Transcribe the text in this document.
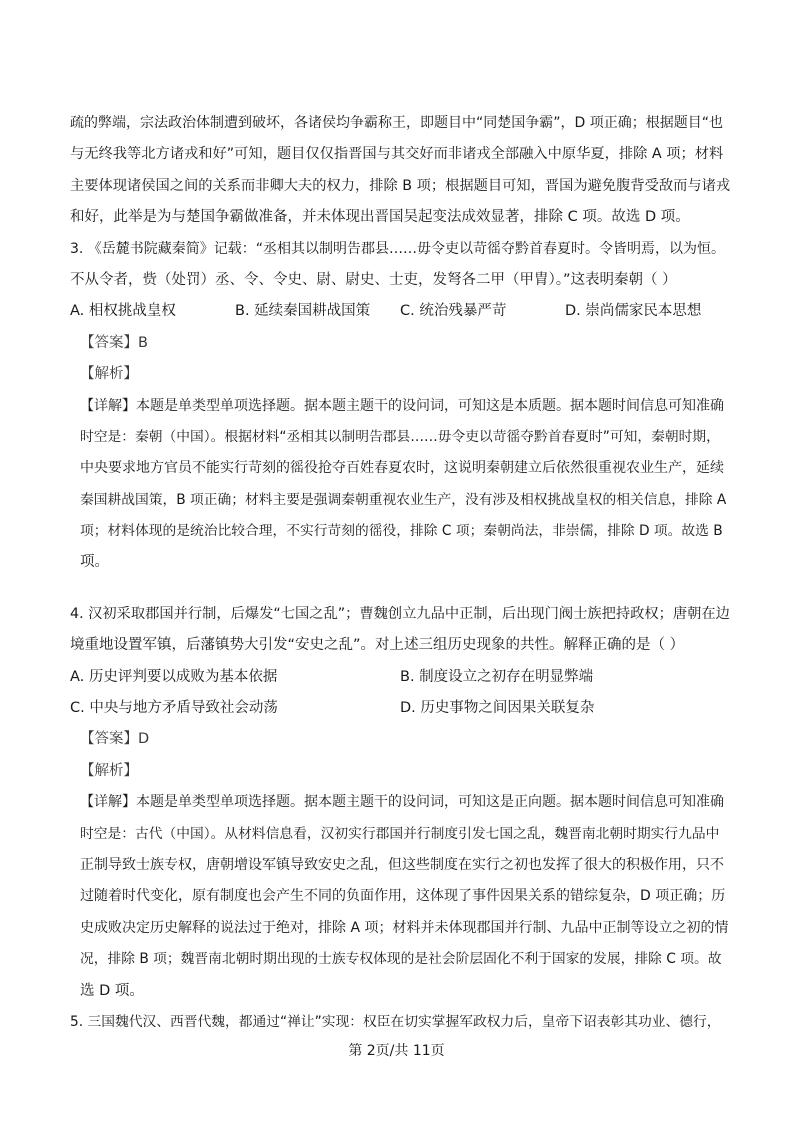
疏的弊端，宗法政治体制遭到破坏，各诸侯均争霸称王，即题目中“同楚国争霸”，D 项正确；根据题目“也
与无终我等北方诸戎和好”可知，题目仅仅指晋国与其交好而非诸戎全部融入中原华夏，排除 A 项；材料
主要体现诸侯国之间的关系而非卿大夫的权力，排除 B 项；根据题目可知，晋国为避免腹背受敌而与诸戎
和好，此举是为与楚国争霸做准备，并未体现出晋国吴起变法成效显著，排除 C 项。故选 D 项。
3. 《岳麓书院藏秦简》记载：“丞相其以制明告郡县……毋令吏以苛徭夺黔首春夏时。令皆明焉，以为恒。
不从令者，赀（处罚）丞、令、令史、尉、尉史、士吏，发弩各二甲（甲胄）。”这表明秦朝（ ）
A. 相权挑战皇权	B. 延续秦国耕战国策	C. 统治残暴严苛	D. 崇尚儒家民本思想
【答案】B
【解析】
【详解】本题是单类型单项选择题。据本题主题干的设问词，可知这是本质题。据本题时间信息可知准确
时空是：秦朝（中国）。根据材料“丞相其以制明告郡县……毋令吏以苛徭夺黔首春夏时”可知，秦朝时期，
中央要求地方官员不能实行苛刻的徭役抢夺百姓春夏农时，这说明秦朝建立后依然很重视农业生产，延续
秦国耕战国策，B 项正确；材料主要是强调秦朝重视农业生产，没有涉及相权挑战皇权的相关信息，排除 A
项；材料体现的是统治比较合理，不实行苛刻的徭役，排除 C 项；秦朝尚法，非崇儒，排除 D 项。故选 B
项。
4. 汉初采取郡国并行制，后爆发“七国之乱”；曹魏创立九品中正制，后出现门阀士族把持政权；唐朝在边
境重地设置军镇，后藩镇势大引发“安史之乱”。对上述三组历史现象的共性。解释正确的是（ ）
A. 历史评判要以成败为基本依据	B. 制度设立之初存在明显弊端
C. 中央与地方矛盾导致社会动荡	D. 历史事物之间因果关联复杂
【答案】D
【解析】
【详解】本题是单类型单项选择题。据本题主题干的设问词，可知这是正向题。据本题时间信息可知准确
时空是：古代（中国）。从材料信息看，汉初实行郡国并行制度引发七国之乱，魏晋南北朝时期实行九品中
正制导致士族专权，唐朝增设军镇导致安史之乱，但这些制度在实行之初也发挥了很大的积极作用，只不
过随着时代变化，原有制度也会产生不同的负面作用，这体现了事件因果关系的错综复杂，D 项正确；历
史成败决定历史解释的说法过于绝对，排除 A 项；材料并未体现郡国并行制、九品中正制等设立之初的情
况，排除 B 项；魏晋南北朝时期出现的士族专权体现的是社会阶层固化不利于国家的发展，排除 C 项。故
选 D 项。
5. 三国魏代汉、西晋代魏，都通过“禅让”实现：权臣在切实掌握军政权力后，皇帝下诏表彰其功业、德行，
第 2页/共 11页
